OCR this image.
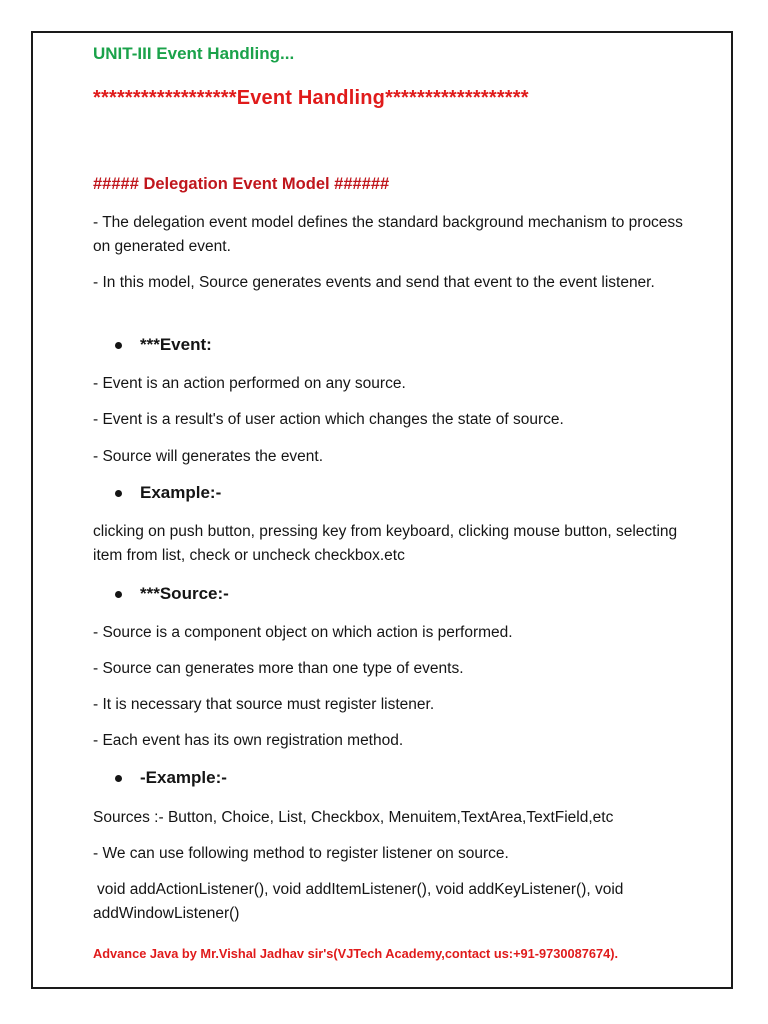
UNIT-III Event Handling...
******************Event Handling******************
##### Delegation Event Model ######
- The delegation event model defines the standard background mechanism to process on generated event.
- In this model, Source generates events and send that event to the event listener.
***Event:
- Event is an action performed on any source.
- Event is a result's of user action which changes the state of source.
- Source will generates the event.
Example:-
clicking on push button, pressing key from keyboard, clicking mouse button, selecting item from list, check or uncheck checkbox.etc
***Source:-
- Source is a component object on which action is performed.
- Source can generates more than one type of events.
- It is necessary that source must register listener.
- Each event has its own registration method.
-Example:-
Sources :- Button, Choice, List, Checkbox, Menuitem,TextArea,TextField,etc
- We can use following method to register listener on source.
void addActionListener(), void addItemListener(), void addKeyListener(), void addWindowListener()
Advance Java by Mr.Vishal Jadhav sir's(VJTech Academy,contact us:+91-9730087674).
